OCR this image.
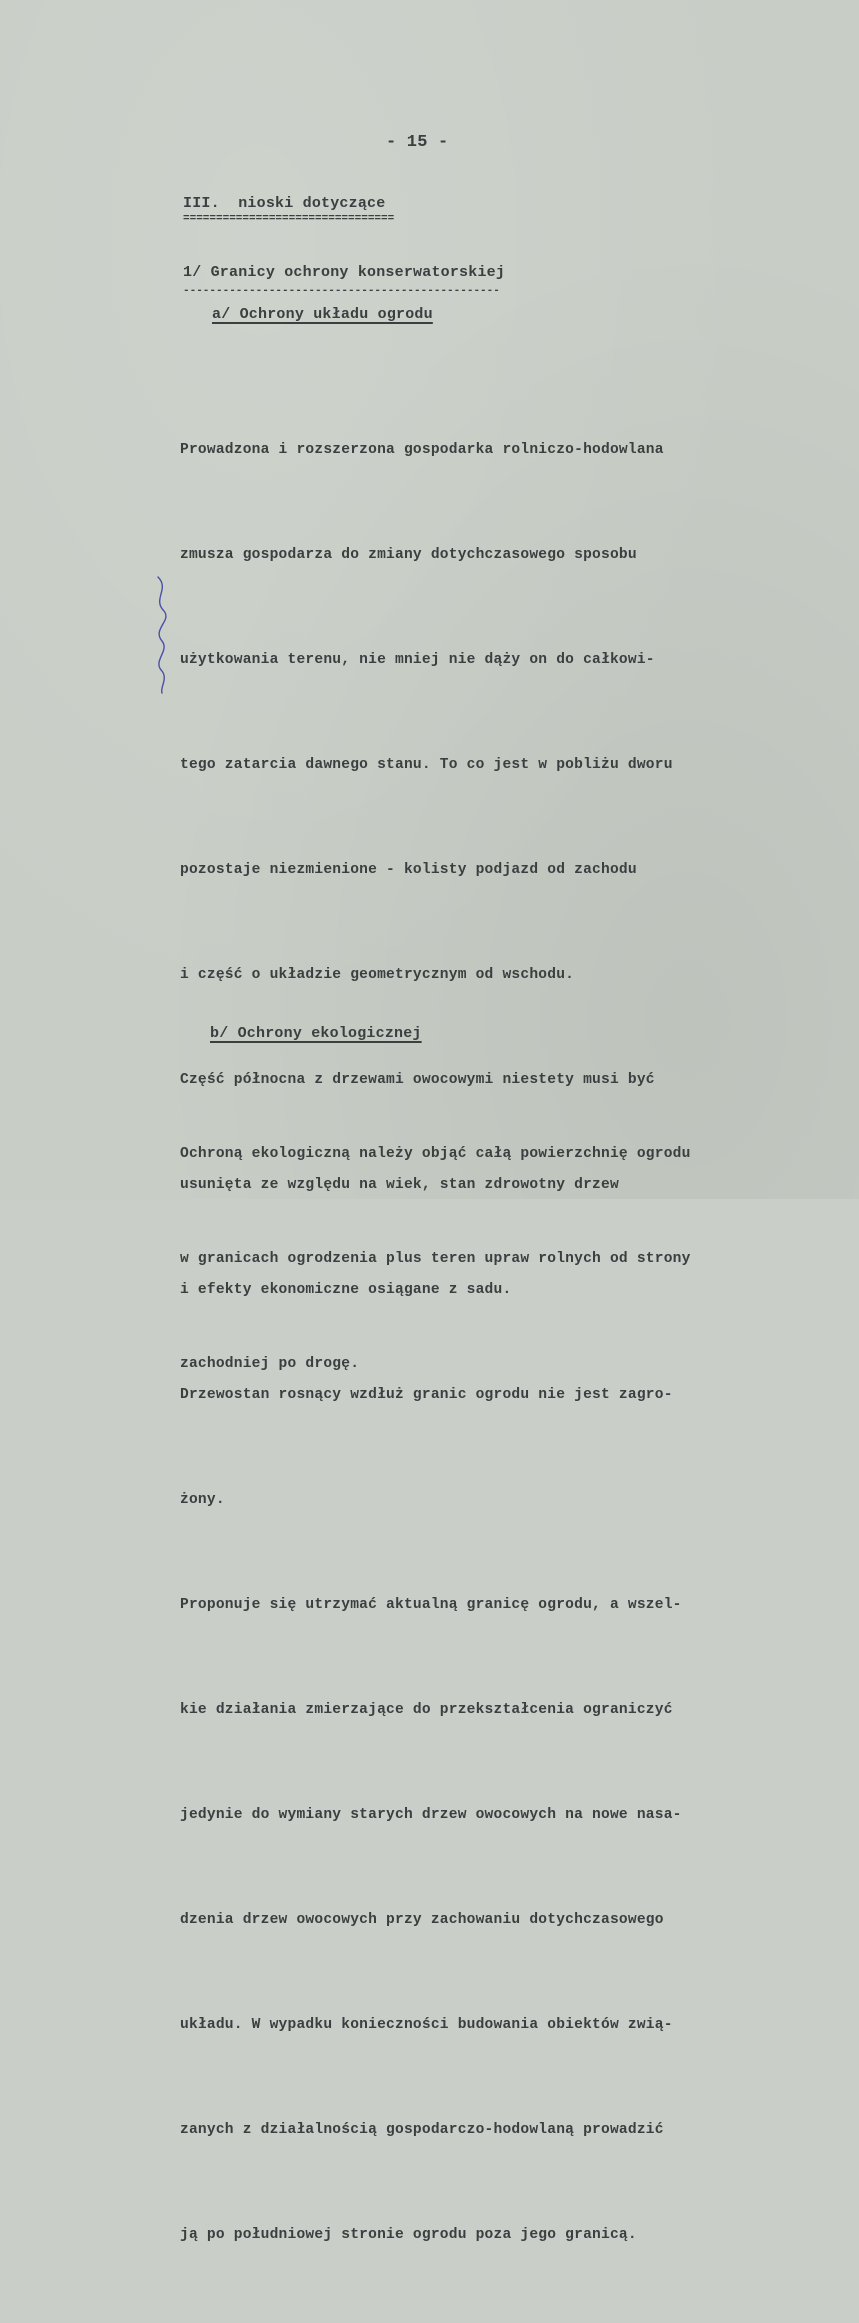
- 15 -
III.  nioski dotyczące
================================
1/ Granicy ochrony konserwatorskiej
------------------------------------------------
a/ Ochrony układu ogrodu

Prowadzona i rozszerzona gospodarka rolniczo-hodowlana

zmusza gospodarza do zmiany dotychczasowego sposobu

użytkowania terenu, nie mniej nie dąży on do całkowi-

tego zatarcia dawnego stanu. To co jest w pobliżu dworu

pozostaje niezmienione - kolisty podjazd od zachodu

i część o układzie geometrycznym od wschodu.

Część północna z drzewami owocowymi niestety musi być

usunięta ze względu na wiek, stan zdrowotny drzew

i efekty ekonomiczne osiągane z sadu.

Drzewostan rosnący wzdłuż granic ogrodu nie jest zagro-

żony.

Proponuje się utrzymać aktualną granicę ogrodu, a wszel-

kie działania zmierzające do przekształcenia ograniczyć

jedynie do wymiany starych drzew owocowych na nowe nasa-

dzenia drzew owocowych przy zachowaniu dotychczasowego

układu. W wypadku konieczności budowania obiektów zwią-

zanych z działalnością gospodarczo-hodowlaną prowadzić

ją po południowej stronie ogrodu poza jego granicą.

b/ Ochrony ekologicznej

Ochroną ekologiczną należy objąć całą powierzchnię ogrodu

w granicach ogrodzenia plus teren upraw rolnych od strony

zachodniej po drogę.
